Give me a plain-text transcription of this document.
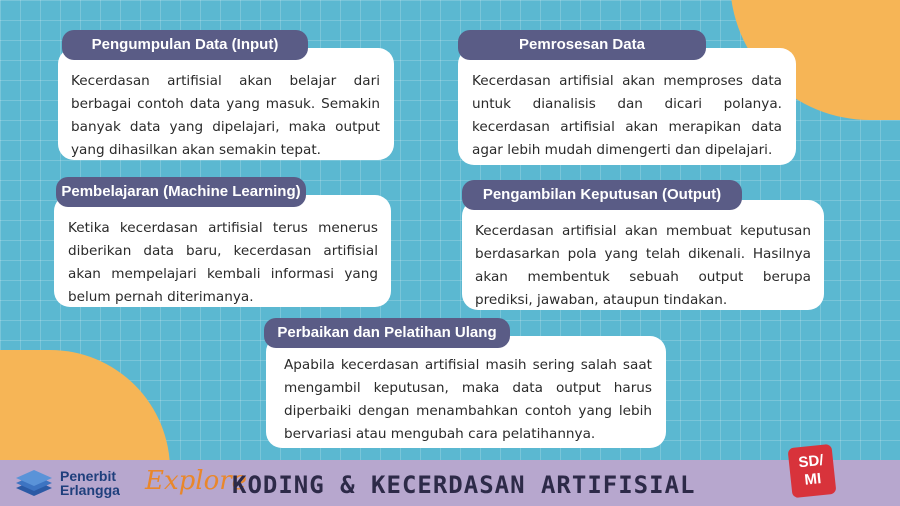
Kecerdasan artifisial akan belajar dari berbagai contoh data yang masuk. Semakin banyak data yang dipelajari, maka output yang dihasilkan akan semakin tepat.

Pengumpulan Data (Input)

Kecerdasan artifisial akan memproses data untuk dianalisis dan dicari polanya. kecerdasan artifisial akan merapikan data agar lebih mudah dimengerti dan dipelajari.

Pemrosesan Data

Ketika kecerdasan artifisial terus menerus diberikan data baru, kecerdasan artifisial akan mempelajari kembali informasi yang belum pernah diterimanya.

Pembelajaran (Machine Learning)

Kecerdasan artifisial akan membuat keputusan berdasarkan pola yang telah dikenali. Hasilnya akan membentuk sebuah output berupa prediksi, jawaban, ataupun tindakan.

Pengambilan Keputusan (Output)

Apabila kecerdasan artifisial masih sering salah saat mengambil keputusan, maka data output harus diperbaiki dengan menambahkan contoh yang lebih bervariasi atau mengubah cara pelatihannya.

Perbaikan dan Pelatihan Ulang
Penerbit
Erlangga Explore
KODING & KECERDASAN ARTIFISIAL
SD/
MI
